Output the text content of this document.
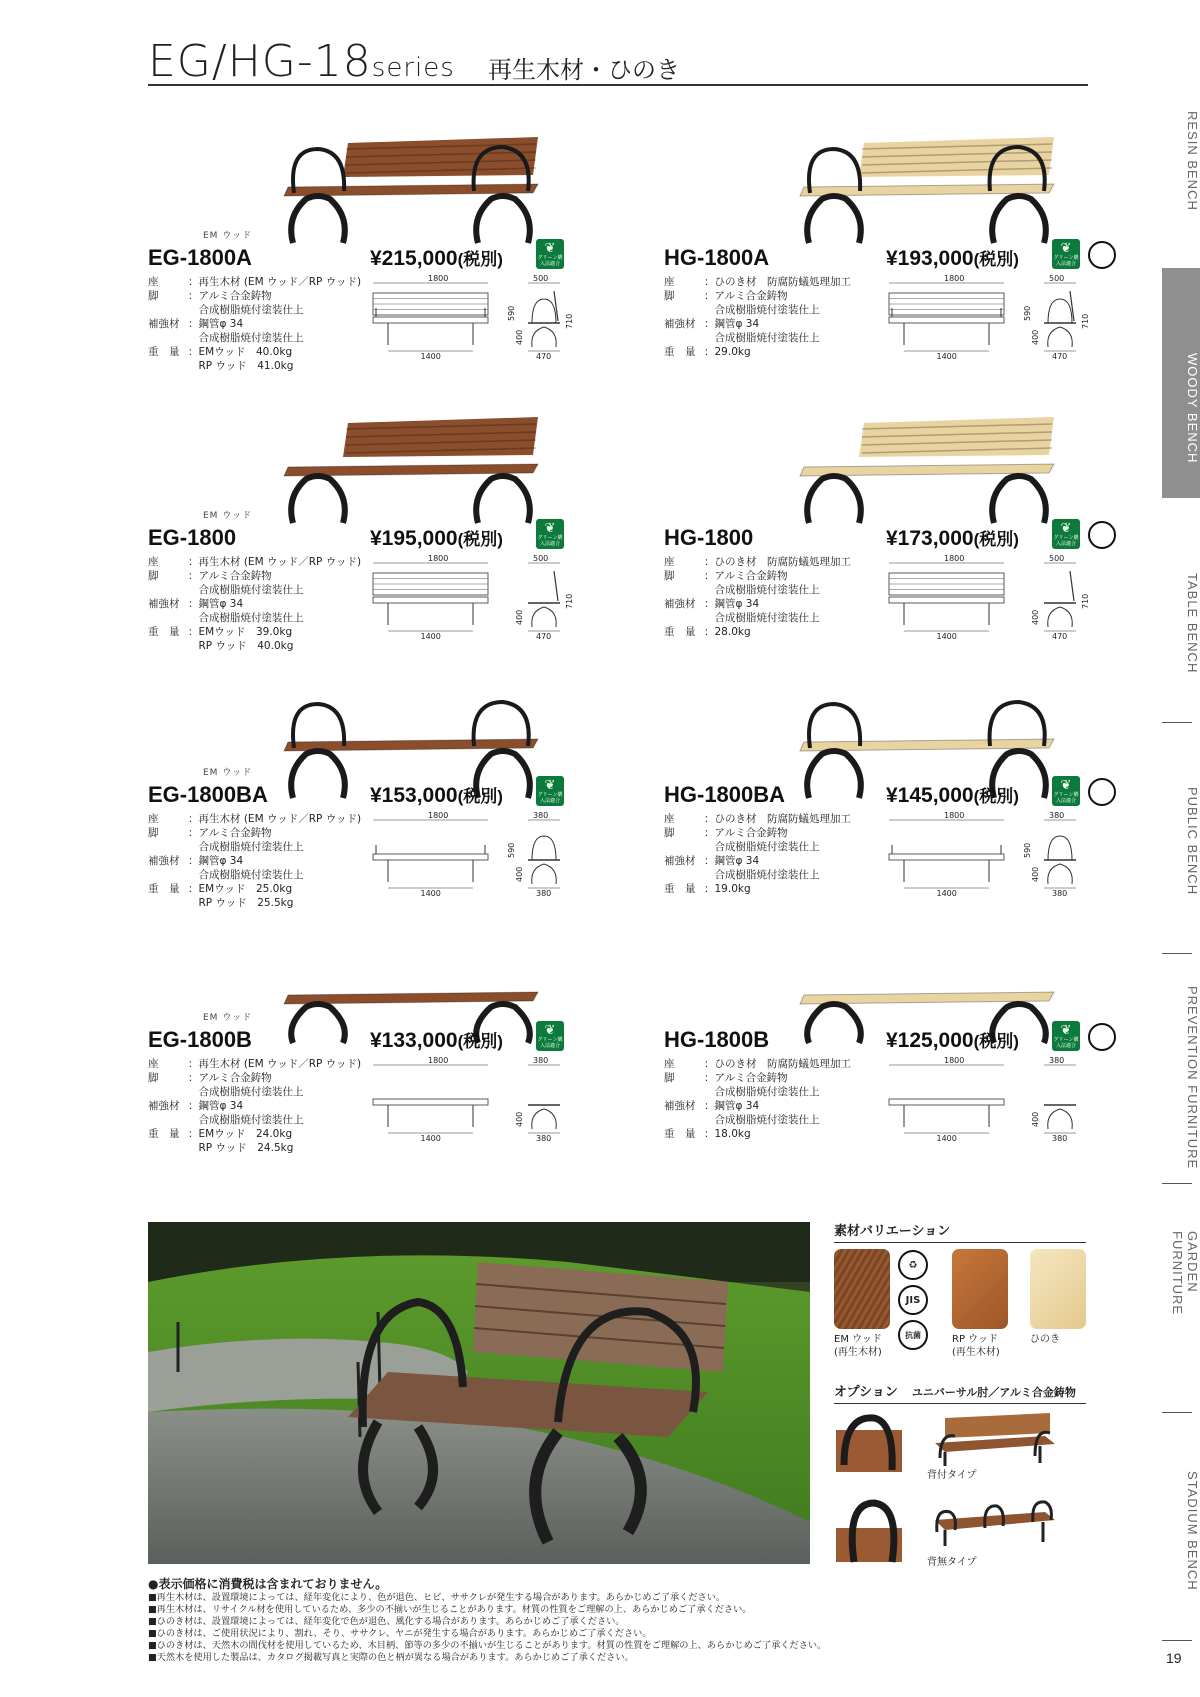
EG/HG-18series 再生木材・ひのき
RESIN BENCH
WOODY BENCH
TABLE BENCH
PUBLIC BENCH
PREVENTION FURNITURE
GARDEN FURNITURE
STADIUM BENCH
19
EM ウッド
EG-1800A	¥215,000(税別)
❦
グリーン購入法適合
座	：再生木材 (EM ウッド／RP ウッド)
脚	：アルミ合金鋳物
　合成樹脂焼付塗装仕上
補強材 ：鋼管φ 34
　合成樹脂焼付塗装仕上
重　量 ：EMウッド　40.0kg
　RP ウッド　41.0kg
1800
1400
500
470
590
400
710
HG-1800A	¥193,000(税別)
❦
グリーン購入法適合
座	：ひのき材　防腐防蟻処理加工
脚	：アルミ合金鋳物
　合成樹脂焼付塗装仕上
補強材 ：鋼管φ 34
　合成樹脂焼付塗装仕上
重　量 ：29.0kg
1800
1400
500
470
590
400
710
EM ウッド
EG-1800	¥195,000(税別)
❦
グリーン購入法適合
座	：再生木材 (EM ウッド／RP ウッド)
脚	：アルミ合金鋳物
　合成樹脂焼付塗装仕上
補強材 ：鋼管φ 34
　合成樹脂焼付塗装仕上
重　量 ：EMウッド　39.0kg
　RP ウッド　40.0kg
1800
1400
500
470
400
710
HG-1800	¥173,000(税別)
❦
グリーン購入法適合
座	：ひのき材　防腐防蟻処理加工
脚	：アルミ合金鋳物
　合成樹脂焼付塗装仕上
補強材 ：鋼管φ 34
　合成樹脂焼付塗装仕上
重　量 ：28.0kg
1800
1400
500
470
400
710
EM ウッド
EG-1800BA	¥153,000(税別)
❦
グリーン購入法適合
座	：再生木材 (EM ウッド／RP ウッド)
脚	：アルミ合金鋳物
　合成樹脂焼付塗装仕上
補強材 ：鋼管φ 34
　合成樹脂焼付塗装仕上
重　量 ：EMウッド　25.0kg
　RP ウッド　25.5kg
1800
1400
380
380
590
400
HG-1800BA	¥145,000(税別)
❦
グリーン購入法適合
座	：ひのき材　防腐防蟻処理加工
脚	：アルミ合金鋳物
　合成樹脂焼付塗装仕上
補強材 ：鋼管φ 34
　合成樹脂焼付塗装仕上
重　量 ：19.0kg
1800
1400
380
380
590
400
EM ウッド
EG-1800B	¥133,000(税別)
❦
グリーン購入法適合
座	：再生木材 (EM ウッド／RP ウッド)
脚	：アルミ合金鋳物
　合成樹脂焼付塗装仕上
補強材 ：鋼管φ 34
　合成樹脂焼付塗装仕上
重　量 ：EMウッド　24.0kg
　RP ウッド　24.5kg
1800
1400
380
380
400
HG-1800B	¥125,000(税別)
❦
グリーン購入法適合
座	：ひのき材　防腐防蟻処理加工
脚	：アルミ合金鋳物
　合成樹脂焼付塗装仕上
補強材 ：鋼管φ 34
　合成樹脂焼付塗装仕上
重　量 ：18.0kg
1800
1400
380
380
400
素材バリエーション
♻
JIS
抗菌
EM ウッド
(再生木材)
RP ウッド
(再生木材)
ひのき
オプション ユニバーサル肘／アルミ合金鋳物
背付タイプ
背無タイプ
●表示価格に消費税は含まれておりません。
■再生木材は、設置環境によっては、経年変化により、色が退色、ヒビ、ササクレが発生する場合があります。あらかじめご了承ください。
■再生木材は、リサイクル材を使用しているため、多少の不揃いが生じることがあります。材質の性質をご理解の上、あらかじめご了承ください。
■ひのき材は、設置環境によっては、経年変化で色が退色、風化する場合があります。あらかじめご了承ください。
■ひのき材は、ご使用状況により、割れ、そり、ササクレ、ヤニが発生する場合があります。あらかじめご了承ください。
■ひのき材は、天然木の間伐材を使用しているため、木目柄、節等の多少の不揃いが生じることがあります。材質の性質をご理解の上、あらかじめご了承ください。
■天然木を使用した製品は、カタログ掲載写真と実際の色と柄が異なる場合があります。あらかじめご了承ください。
